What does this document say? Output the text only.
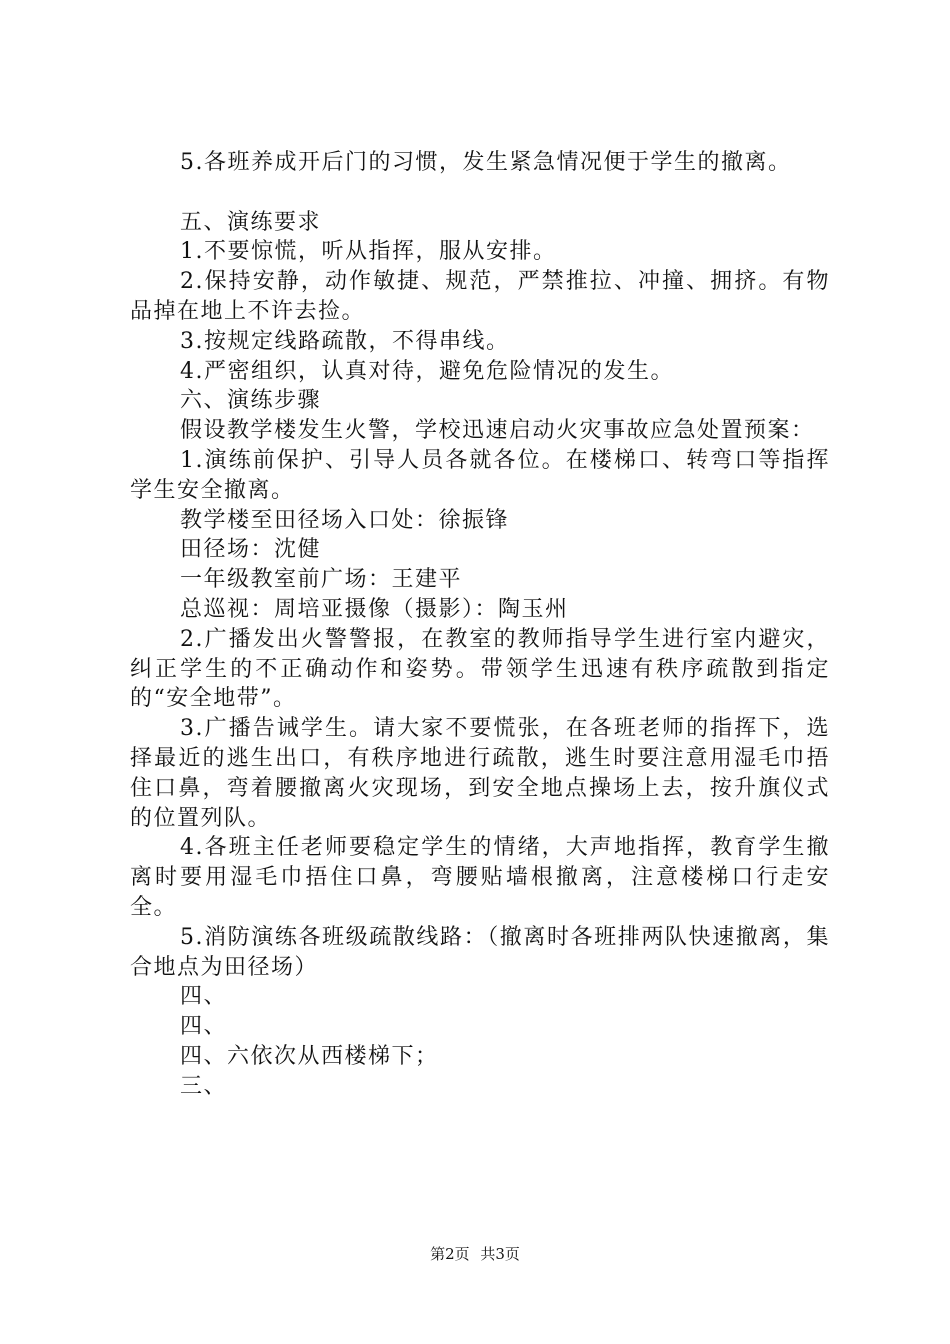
5.各班养成开后门的习惯，发生紧急情况便于学生的撤离。

五、演练要求

1.不要惊慌，听从指挥，服从安排。

2.保持安静，动作敏捷、规范，严禁推拉、冲撞、拥挤。有物品掉在地上不许去捡。

3.按规定线路疏散，不得串线。

4.严密组织，认真对待，避免危险情况的发生。

六、演练步骤

假设教学楼发生火警，学校迅速启动火灾事故应急处置预案：

1.演练前保护、引导人员各就各位。在楼梯口、转弯口等指挥学生安全撤离。

教学楼至田径场入口处：徐振锋

田径场：沈健

一年级教室前广场：王建平

总巡视：周培亚摄像（摄影）：陶玉州

2.广播发出火警警报，在教室的教师指导学生进行室内避灾，纠正学生的不正确动作和姿势。带领学生迅速有秩序疏散到指定的“安全地带”。

3.广播告诫学生。请大家不要慌张，在各班老师的指挥下，选择最近的逃生出口，有秩序地进行疏散，逃生时要注意用湿毛巾捂住口鼻，弯着腰撤离火灾现场，到安全地点操场上去，按升旗仪式的位置列队。

4.各班主任老师要稳定学生的情绪，大声地指挥，教育学生撤离时要用湿毛巾捂住口鼻，弯腰贴墙根撤离，注意楼梯口行走安全。

5.消防演练各班级疏散线路：（撤离时各班排两队快速撤离，集合地点为田径场）

四、

四、

四、六依次从西楼梯下；

三、

第2页 共3页
